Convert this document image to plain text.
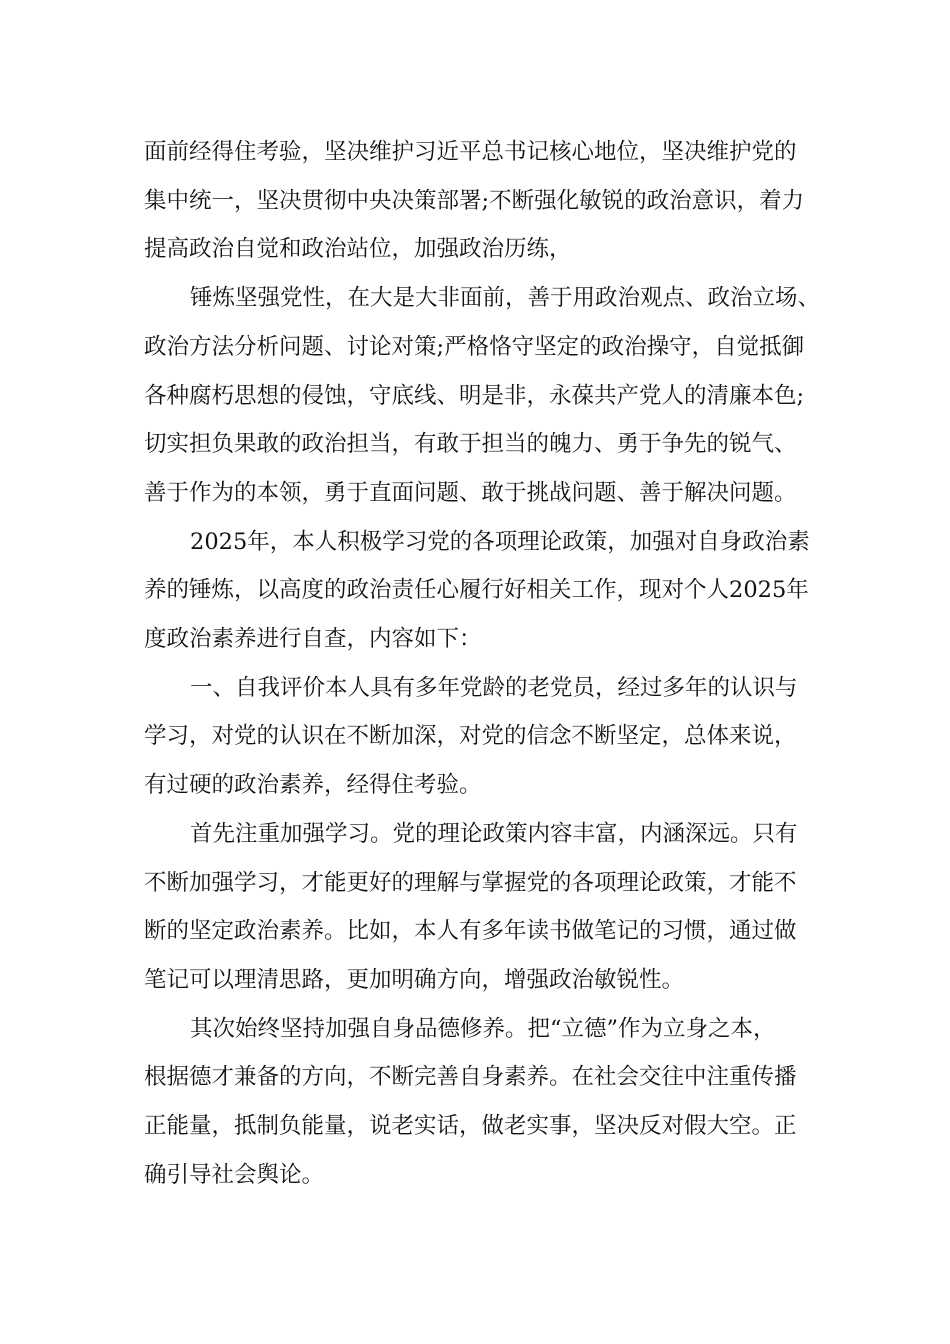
面前经得住考验，坚决维护习近平总书记核心地位，坚决维护党的

集中统一，坚决贯彻中央决策部署;不断强化敏锐的政治意识，着力

提高政治自觉和政治站位，加强政治历练，

锤炼坚强党性，在大是大非面前，善于用政治观点、政治立场、

政治方法分析问题、讨论对策;严格恪守坚定的政治操守，自觉抵御

各种腐朽思想的侵蚀，守底线、明是非，永葆共产党人的清廉本色;

切实担负果敢的政治担当，有敢于担当的魄力、勇于争先的锐气、

善于作为的本领，勇于直面问题、敢于挑战问题、善于解决问题。

2025年，本人积极学习党的各项理论政策，加强对自身政治素

养的锤炼，以高度的政治责任心履行好相关工作，现对个人2025年

度政治素养进行自查，内容如下：

一、自我评价本人具有多年党龄的老党员，经过多年的认识与

学习，对党的认识在不断加深，对党的信念不断坚定，总体来说，

有过硬的政治素养，经得住考验。

首先注重加强学习。党的理论政策内容丰富，内涵深远。只有

不断加强学习，才能更好的理解与掌握党的各项理论政策，才能不

断的坚定政治素养。比如，本人有多年读书做笔记的习惯，通过做

笔记可以理清思路，更加明确方向，增强政治敏锐性。

其次始终坚持加强自身品德修养。把“立德”作为立身之本，

根据德才兼备的方向，不断完善自身素养。在社会交往中注重传播

正能量，抵制负能量，说老实话，做老实事，坚决反对假大空。正

确引导社会舆论。
